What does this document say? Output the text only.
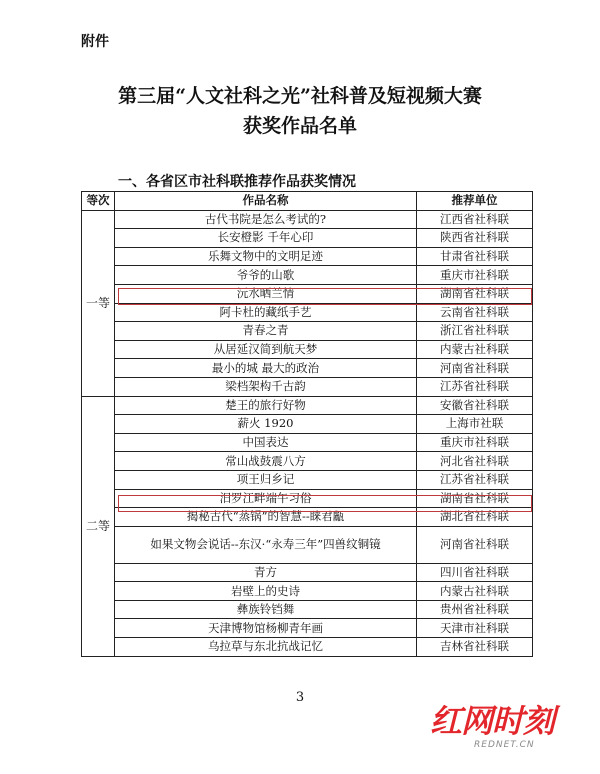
附件
第三届“人文社科之光”社科普及短视频大赛
获奖作品名单
一、各省区市社科联推荐作品获奖情况
等次	作品名称	推荐单位
一等	古代书院是怎么考试的?	江西省社科联
	长安橙影 千年心印	陕西省社科联
	乐舞文物中的文明足迹	甘肃省社科联
	爷爷的山歌	重庆市社科联
	沅水晒兰情	湖南省社科联
	阿卡杜的藏纸手艺	云南省社科联
	青春之青	浙江省社科联
	从居延汉简到航天梦	内蒙古社科联
	最小的城 最大的政治	河南省社科联
	梁档架构千古韵	江苏省社科联
二等	楚王的旅行好物	安徽省社科联
	薪火 1920	上海市社联
	中国表达	重庆市社科联
	常山战鼓震八方	河北省社科联
	项王归乡记	江苏省社科联
	汨罗江畔端午习俗	湖南省社科联
	揭秘古代“蒸锅”的智慧--睐君甗	湖北省社科联
	如果文物会说话--东汉·“永寿三年”四兽纹铜镜	河南省社科联
	青方	四川省社科联
	岩壁上的史诗	内蒙古社科联
	彝族铃铛舞	贵州省社科联
	天津博物馆杨柳青年画	天津市社科联
	乌拉草与东北抗战记忆	吉林省社科联
3
红网时刻
REDNET.CN
